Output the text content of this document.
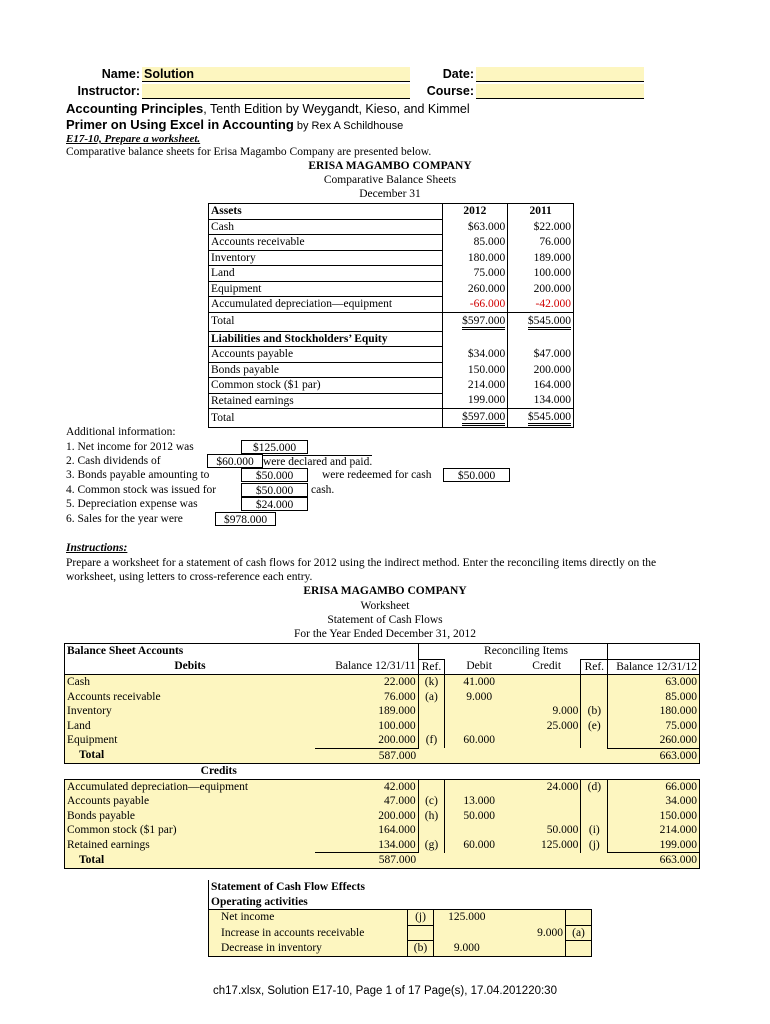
Name: Solution
Instructor:
Date:
Course:
Accounting Principles, Tenth Edition by Weygandt, Kieso, and Kimmel
Primer on Using Excel in Accounting by Rex A Schildhouse
E17-10, Prepare a worksheet.
Comparative balance sheets for Erisa Magambo Company are presented below.
ERISA MAGAMBO COMPANY
Comparative Balance Sheets
December 31
Assets	2012	2011
Cash	$63.000	$22.000
Accounts receivable	85.000	76.000
Inventory	180.000	189.000
Land	75.000	100.000
Equipment	260.000	200.000
Accumulated depreciation—equipment	-66.000	-42.000
Total	$597.000	$545.000
Liabilities and Stockholders’ Equity		
Accounts payable	$34.000	$47.000
Bonds payable	150.000	200.000
Common stock ($1 par)	214.000	164.000
Retained earnings	199.000	134.000
Total	$597.000	$545.000
Additional information:
1. Net income for 2012 was	$125.000
2. Cash dividends of	$60.000 were declared and paid.
3. Bonds payable amounting to	$50.000	were redeemed for cash	$50.000
4. Common stock was issued for	$50.000	cash.
5. Depreciation expense was	$24.000
6. Sales for the year were	$978.000
Instructions:
Prepare a worksheet for a statement of cash flows for 2012 using the indirect method. Enter the reconciling items directly on the
worksheet, using letters to cross-reference each entry.
ERISA MAGAMBO COMPANY
Worksheet
Statement of Cash Flows
For the Year Ended December 31, 2012
Balance Sheet Accounts			Reconciling Items			
Debits	Balance 12/31/11	Ref.	Debit	Credit	Ref.	Balance 12/31/12
Cash	22.000	(k)	41.000			63.000
Accounts receivable	76.000	(a)	9.000			85.000
Inventory	189.000			9.000	(b)	180.000
Land	100.000			25.000	(e)	75.000
Equipment	200.000	(f)	60.000			260.000
Total	587.000					663.000
Credits						
Accumulated depreciation—equipment	42.000			24.000	(d)	66.000
Accounts payable	47.000	(c)	13.000			34.000
Bonds payable	200.000	(h)	50.000			150.000
Common stock ($1 par)	164.000			50.000	(i)	214.000
Retained earnings	134.000	(g)	60.000	125.000	(j)	199.000
Total	587.000					663.000
Statement of Cash Flow Effects				
Operating activities				
Net income	(j)	125.000		
Increase in accounts receivable			9.000	(a)
Decrease in inventory	(b)	9.000		
ch17.xlsx, Solution E17-10, Page 1 of 17 Page(s), 17.04.201220:30
